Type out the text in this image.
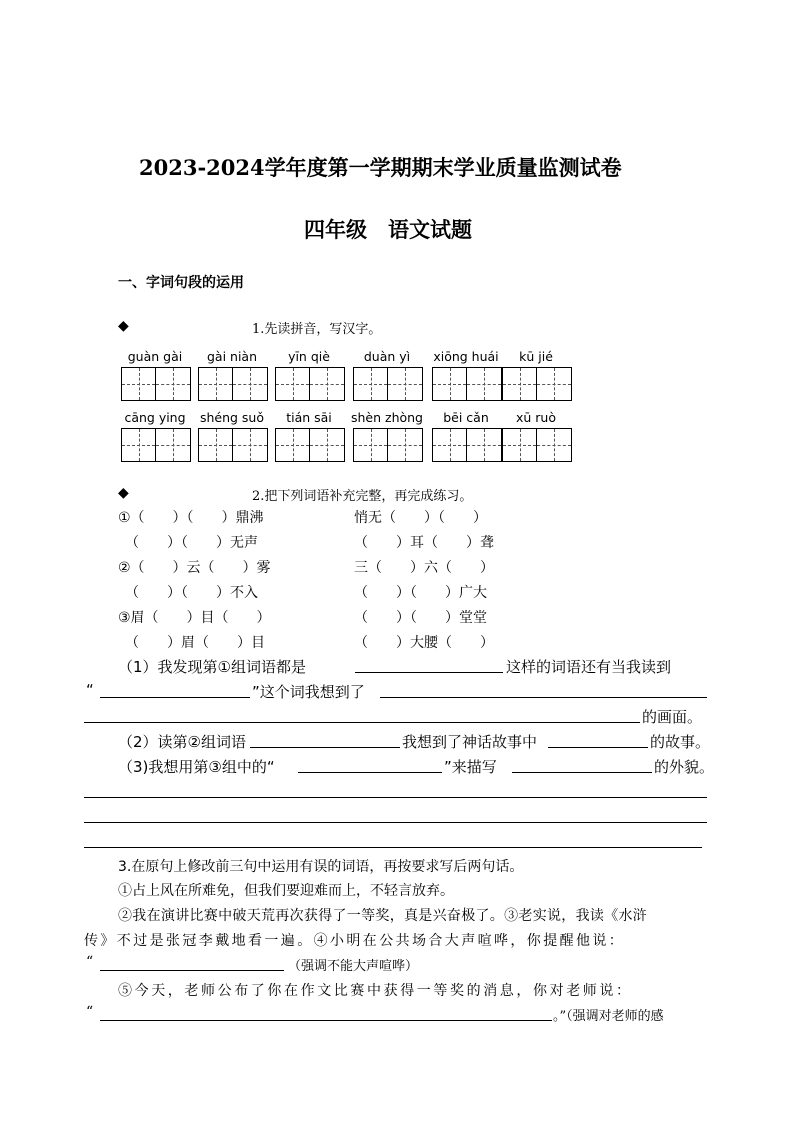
2023-2024学年度第一学期期末学业质量监测试卷
四年级　语文试题
一、字词句段的运用
◆	1.先读拼音，写汉字。
guàn gài	gài niàn	yīn qiè	duàn yì	xiōng huái	kū jié
cāng ying	shéng suǒ	tián sāi	shèn zhòng	bēi cǎn	xū ruò
◆	2.把下列词语补充完整，再完成练习。
①（　　）（　　）鼎沸	悄无（　　）（　　）
　（　　）（　　）无声	（　　）耳（　　）聋
②（　　）云（　　）雾	三（　　）六（　　）
　（　　）（　　）不入	（　　）（　　）广大
③眉（　　）目（　　）	（　　）（　　）堂堂
　（　　）眉（　　）目	（　　）大腰（　　）
（1）我发现第①组词语都是	这样的词语还有当我读到
“	”这个词我想到了
的画面。
（2）读第②组词语	我想到了神话故事中	的故事。
（3)我想用第③组中的“	”来描写	的外貌。
3.在原句上修改前三句中运用有误的词语，再按要求写后两句话。
①占上风在所难免，但我们要迎难而上，不轻言放弃。
②我在演讲比赛中破天荒再次获得了一等奖，真是兴奋极了。③老实说，我读《水浒
传》不过是张冠李戴地看一遍。④小明在公共场合大声喧哗，你提醒他说：
“	（强调不能大声喧哗）
⑤今天，老师公布了你在作文比赛中获得一等奖的消息，你对老师说：
“	。”（强调对老师的感
